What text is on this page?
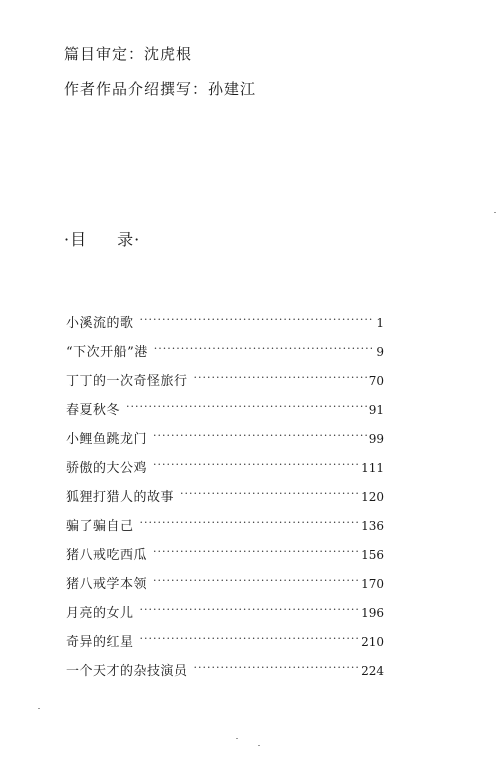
篇目审定：沈虎根
作者作品介绍撰写：孙建江
·目 录·
小溪流的歌 ·····	1
“下次开船”港 ·····	9
丁丁的一次奇怪旅行 ·····	70
春夏秋冬 ·····	91
小鲤鱼跳龙门 ·····	99
骄傲的大公鸡 ·····	111
狐狸打猎人的故事 ·····	120
骗了骗自己 ·····	136
猪八戒吃西瓜 ·····	156
猪八戒学本领 ·····	170
月亮的女儿 ·····	196
奇异的红星 ·····	210
一个天才的杂技演员 ·····	224
